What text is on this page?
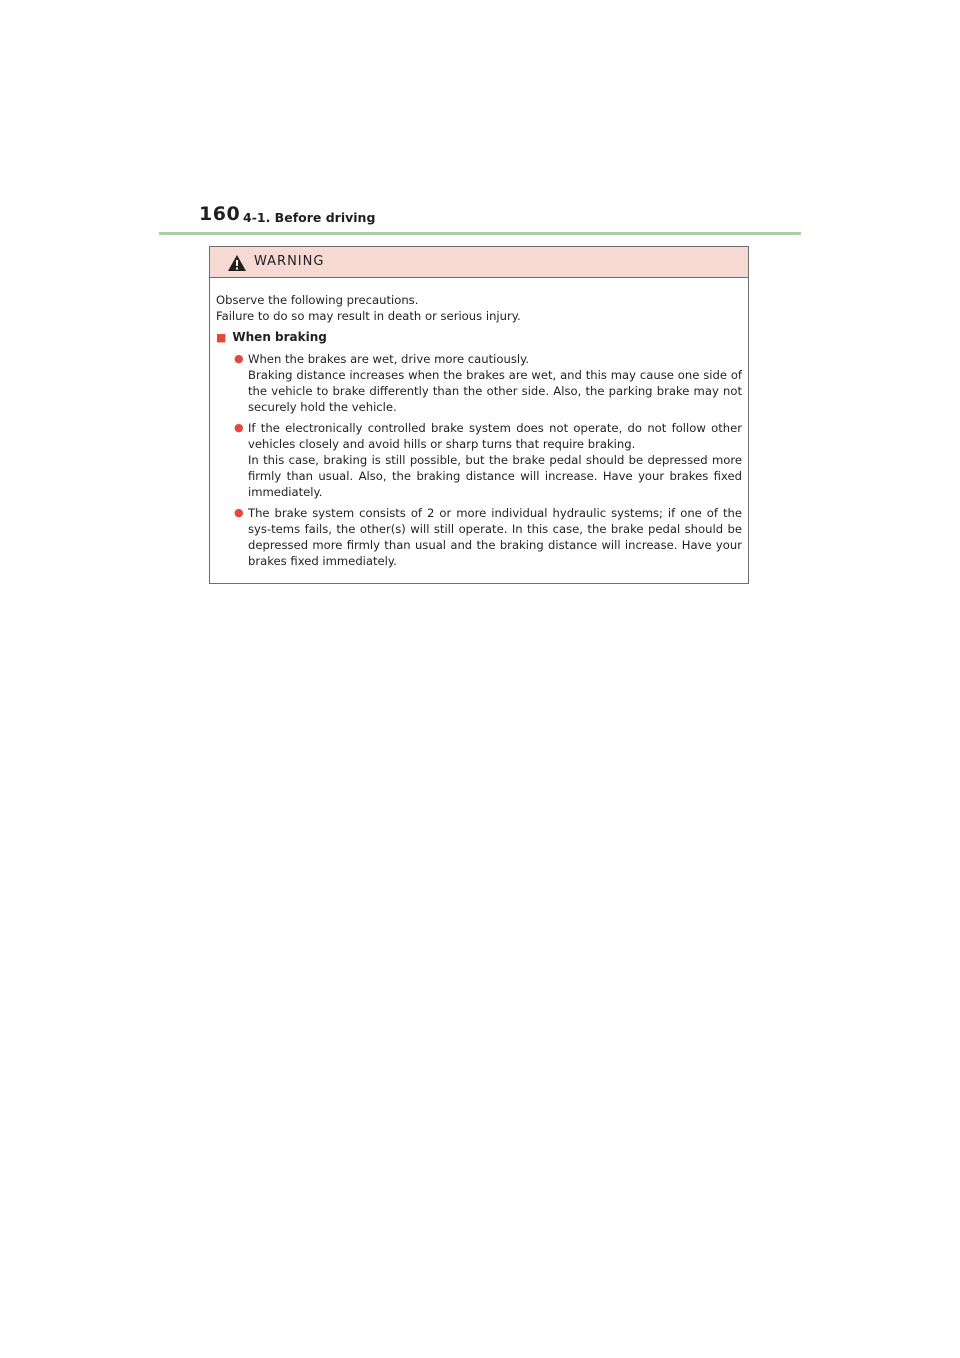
160 4-1. Before driving
WARNING

Observe the following precautions.

Failure to do so may result in death or serious injury.

■ When braking
● When the brakes are wet, drive more cautiously.

Braking distance increases when the brakes are wet, and this may cause one side of the vehicle to brake differently than the other side. Also, the parking brake may not securely hold the vehicle.

● If the electronically controlled brake system does not operate, do not follow other vehicles closely and avoid hills or sharp turns that require braking.

In this case, braking is still possible, but the brake pedal should be depressed more firmly than usual. Also, the braking distance will increase. Have your brakes fixed immediately.

● The brake system consists of 2 or more individual hydraulic systems; if one of the sys-tems fails, the other(s) will still operate. In this case, the brake pedal should be depressed more firmly than usual and the braking distance will increase. Have your brakes fixed immediately.
